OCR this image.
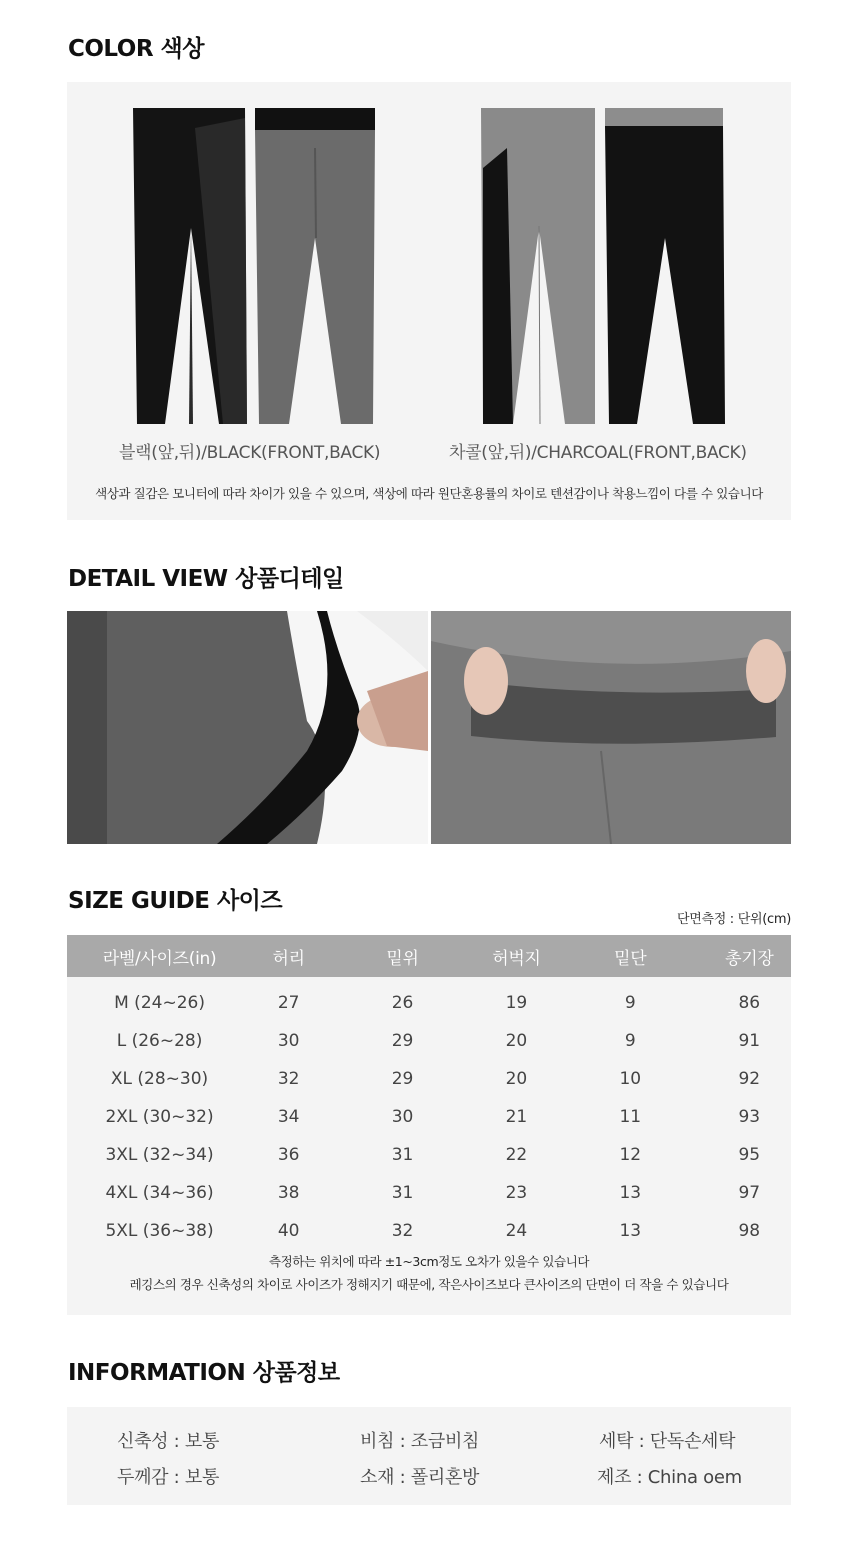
COLOR 색상
블랙(앞,뒤)/BLACK(FRONT,BACK)	차콜(앞,뒤)/CHARCOAL(FRONT,BACK)
색상과 질감은 모니터에 따라 차이가 있을 수 있으며, 색상에 따라 원단혼용률의 차이로 텐션감이나 착용느낌이 다를 수 있습니다
DETAIL VIEW 상품디테일
SIZE GUIDE 사이즈
단면측정 : 단위(cm)
라벨/사이즈(in)	허리	밑위	허벅지	밑단	총기장
M (24~26)	27	26	19	9	86
L (26~28)	30	29	20	9	91
XL (28~30)	32	29	20	10	92
2XL (30~32)	34	30	21	11	93
3XL (32~34)	36	31	22	12	95
4XL (34~36)	38	31	23	13	97
5XL (36~38)	40	32	24	13	98
측정하는 위치에 따라 ±1~3cm정도 오차가 있을수 있습니다
레깅스의 경우 신축성의 차이로 사이즈가 정해지기 때문에, 작은사이즈보다 큰사이즈의 단면이 더 작을 수 있습니다
INFORMATION 상품정보
신축성 : 보통	비침 : 조금비침	세탁 : 단독손세탁
두께감 : 보통	소재 : 폴리혼방	제조 : China oem
